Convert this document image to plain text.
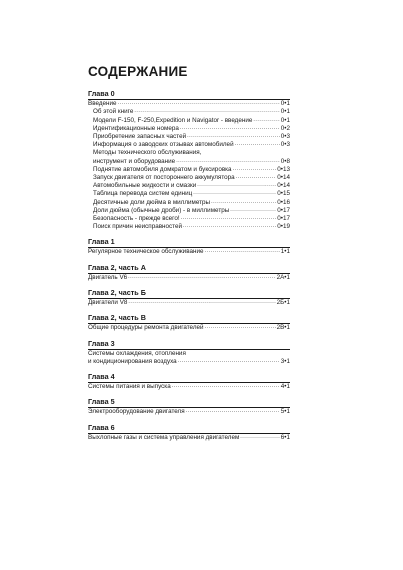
СОДЕРЖАНИЕ
Глава 0
Введение .....	0•1
Об этой книге .....	0•1
Модели F-150, F-250,Expedition и Navigator - введение .....	0•1
Идентификационные номера .....	0•2
Приобретение запасных частей .....	0•3
Информация о заводских отзывах автомобилей .....	0•3
Методы технического обслуживания,
инструмент и оборудование .....	0•8
Поднятие автомобиля домкратом и буксировка .....	0•13
Запуск двигателя от постороннего аккумулятора .....	0•14
Автомобильные жидкости и смазки .....	0•14
Таблица перевода систем единиц .....	0•15
Десятичные доли дюйма в миллиметры .....	0•16
Доли дюйма (обычные дроби) - в миллиметры .....	0•17
Безопасность - прежде всего! .....	0•17
Поиск причин неисправностей .....	0•19
Глава 1
Регулярное техническое обслуживание .....	1•1
Глава 2, часть А
Двигатель V6 .....	2А•1
Глава 2, часть Б
Двигатели V8 .....	2Б•1
Глава 2, часть В
Общие процедуры ремонта двигателей .....	2В•1
Глава 3
Системы охлаждения, отопления
и кондиционирования воздуха .....	3•1
Глава 4
Системы питания и выпуска .....	4•1
Глава 5
Электрооборудование двигателя .....	5•1
Глава 6
Выхлопные газы и система управления двигателем .....	6•1
